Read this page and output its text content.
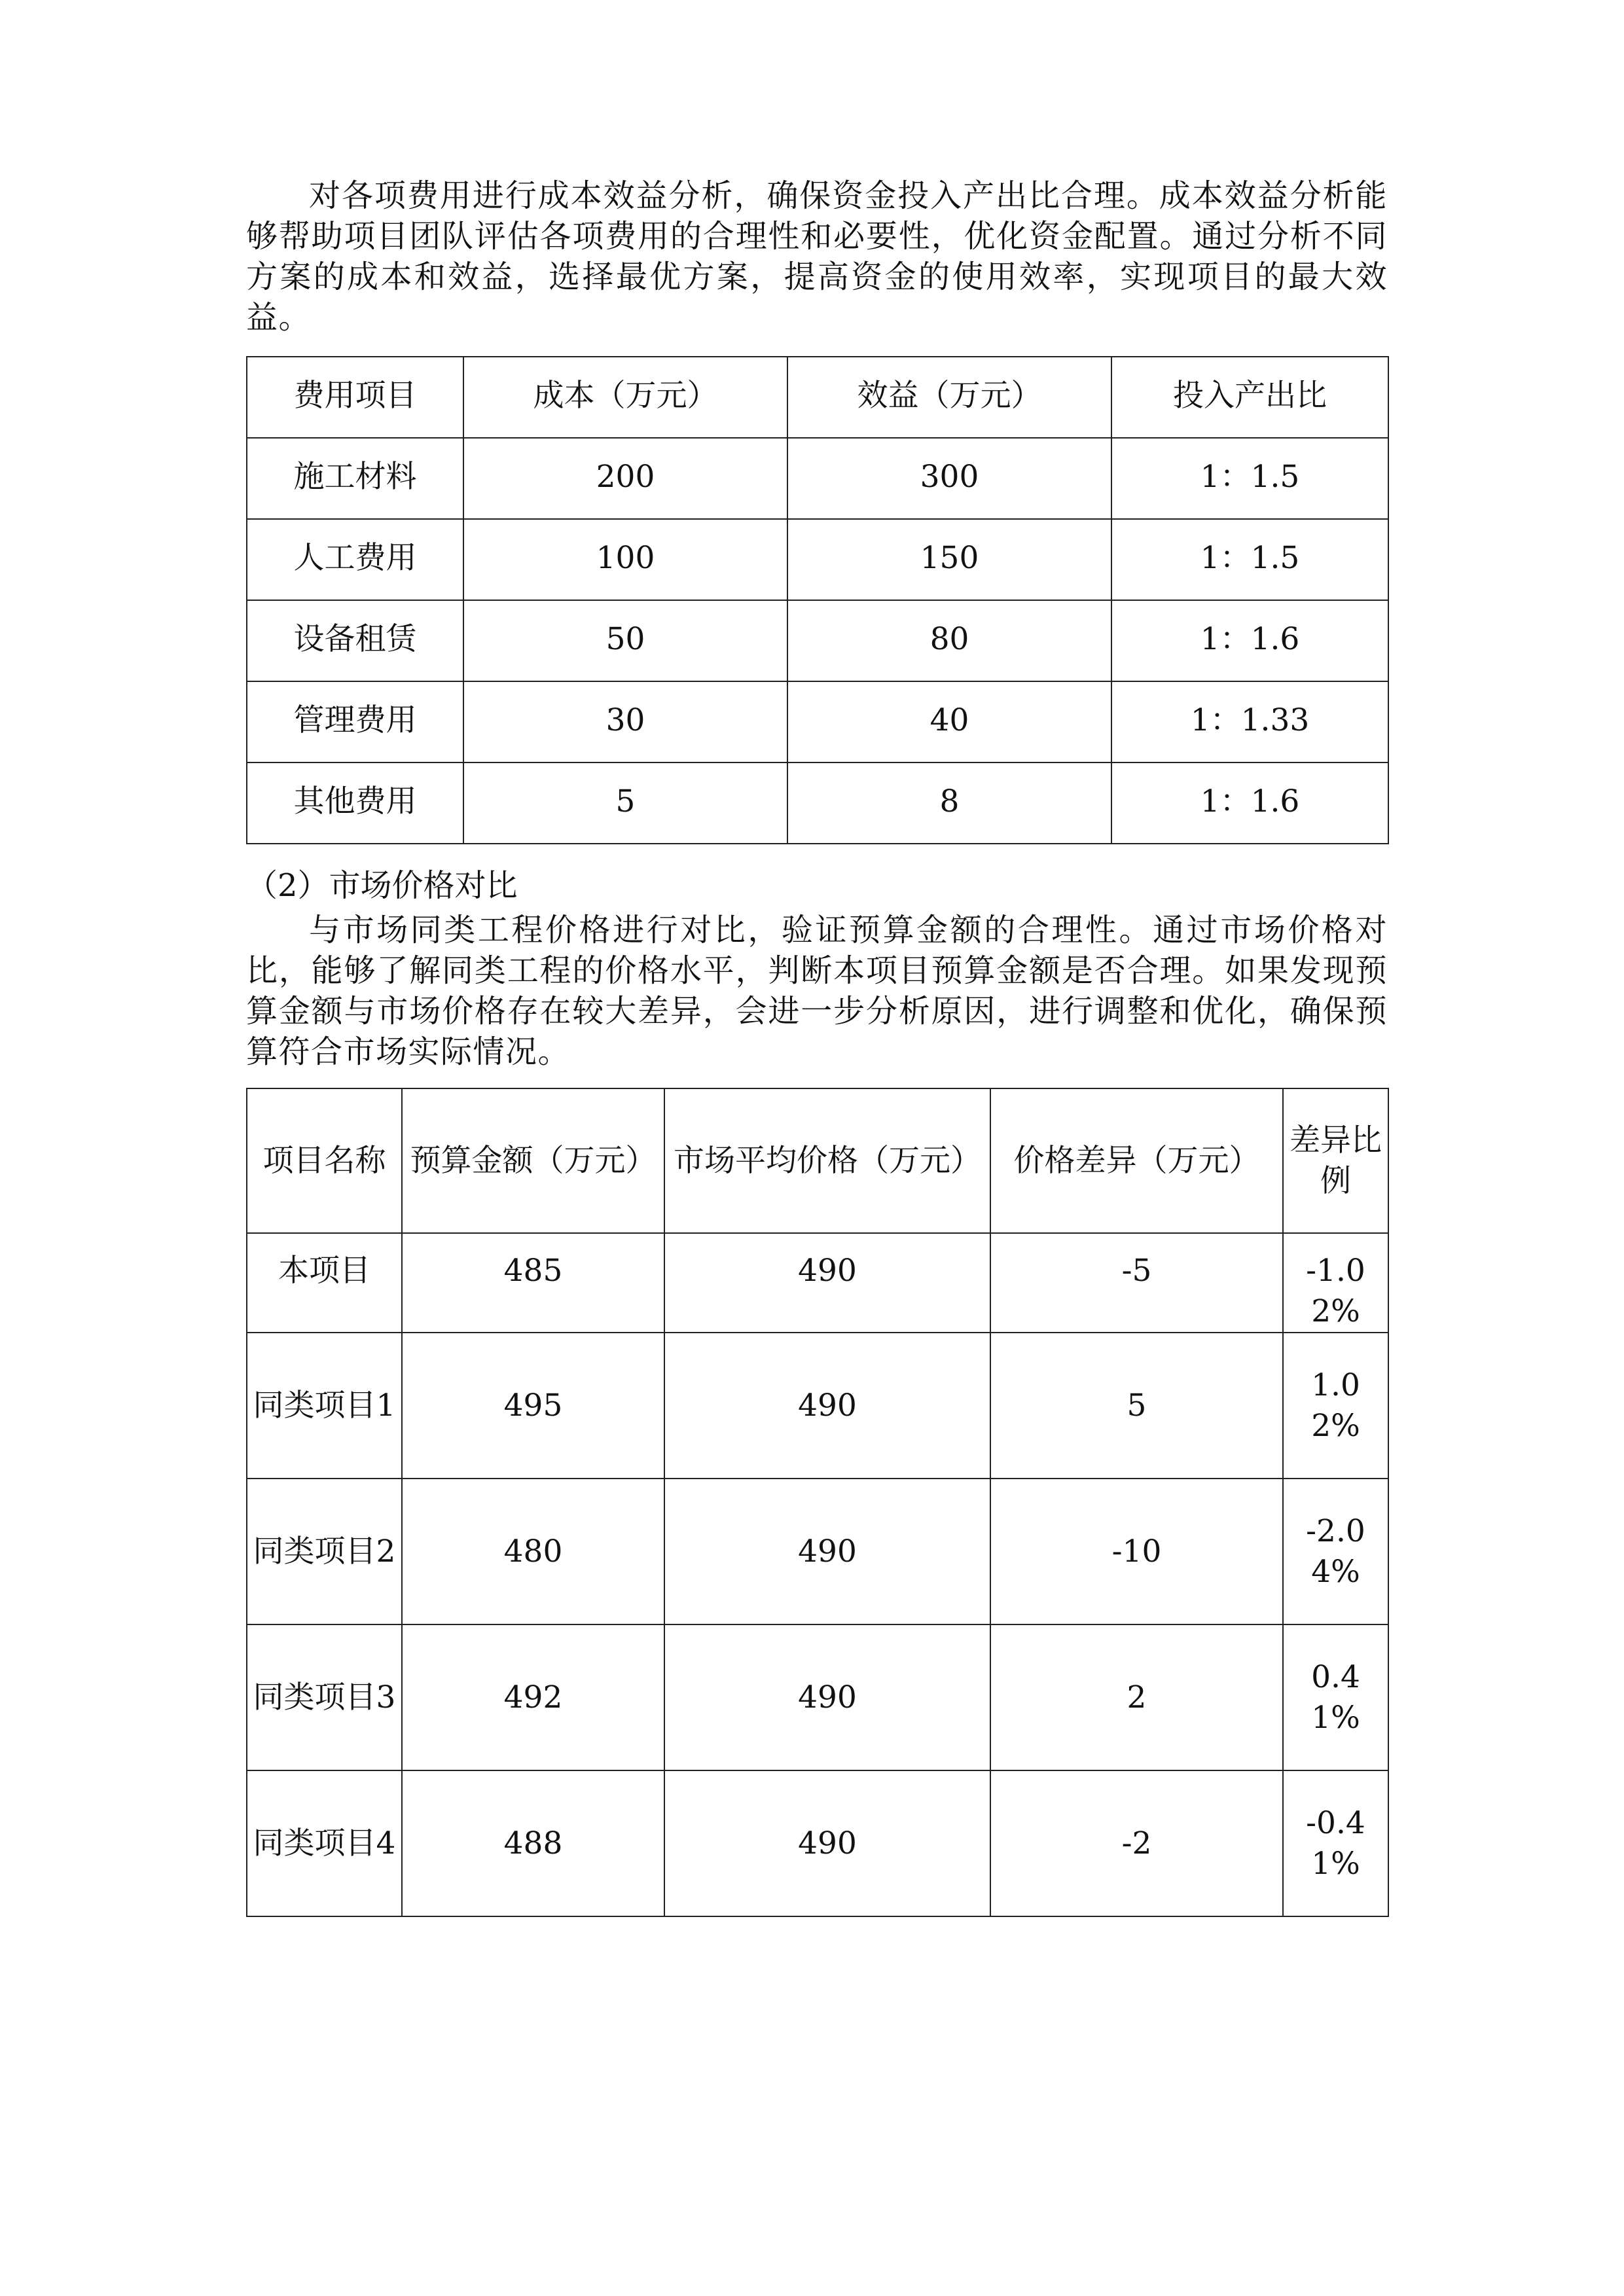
对各项费用进行成本效益分析，确保资金投入产出比合理。成本效益分析能够帮助项目团队评估各项费用的合理性和必要性，优化资金配置。通过分析不同方案的成本和效益，选择最优方案，提高资金的使用效率，实现项目的最大效益。

费用项目	成本（万元）	效益（万元）	投入产出比
施工材料	200	300	1：1.5
人工费用	100	150	1：1.5
设备租赁	50	80	1：1.6
管理费用	30	40	1：1.33
其他费用	5	8	1：1.6

（2）市场价格对比

与市场同类工程价格进行对比，验证预算金额的合理性。通过市场价格对比，能够了解同类工程的价格水平，判断本项目预算金额是否合理。如果发现预算金额与市场价格存在较大差异，会进一步分析原因，进行调整和优化，确保预算符合市场实际情况。

项目名称	预算金额（万元）	市场平均价格（万元）	价格差异（万元）	差异比例
本项目	485	490	-5	-1.02%
同类项目1	495	490	5	1.02%
同类项目2	480	490	-10	-2.04%
同类项目3	492	490	2	0.41%
同类项目4	488	490	-2	-0.41%
